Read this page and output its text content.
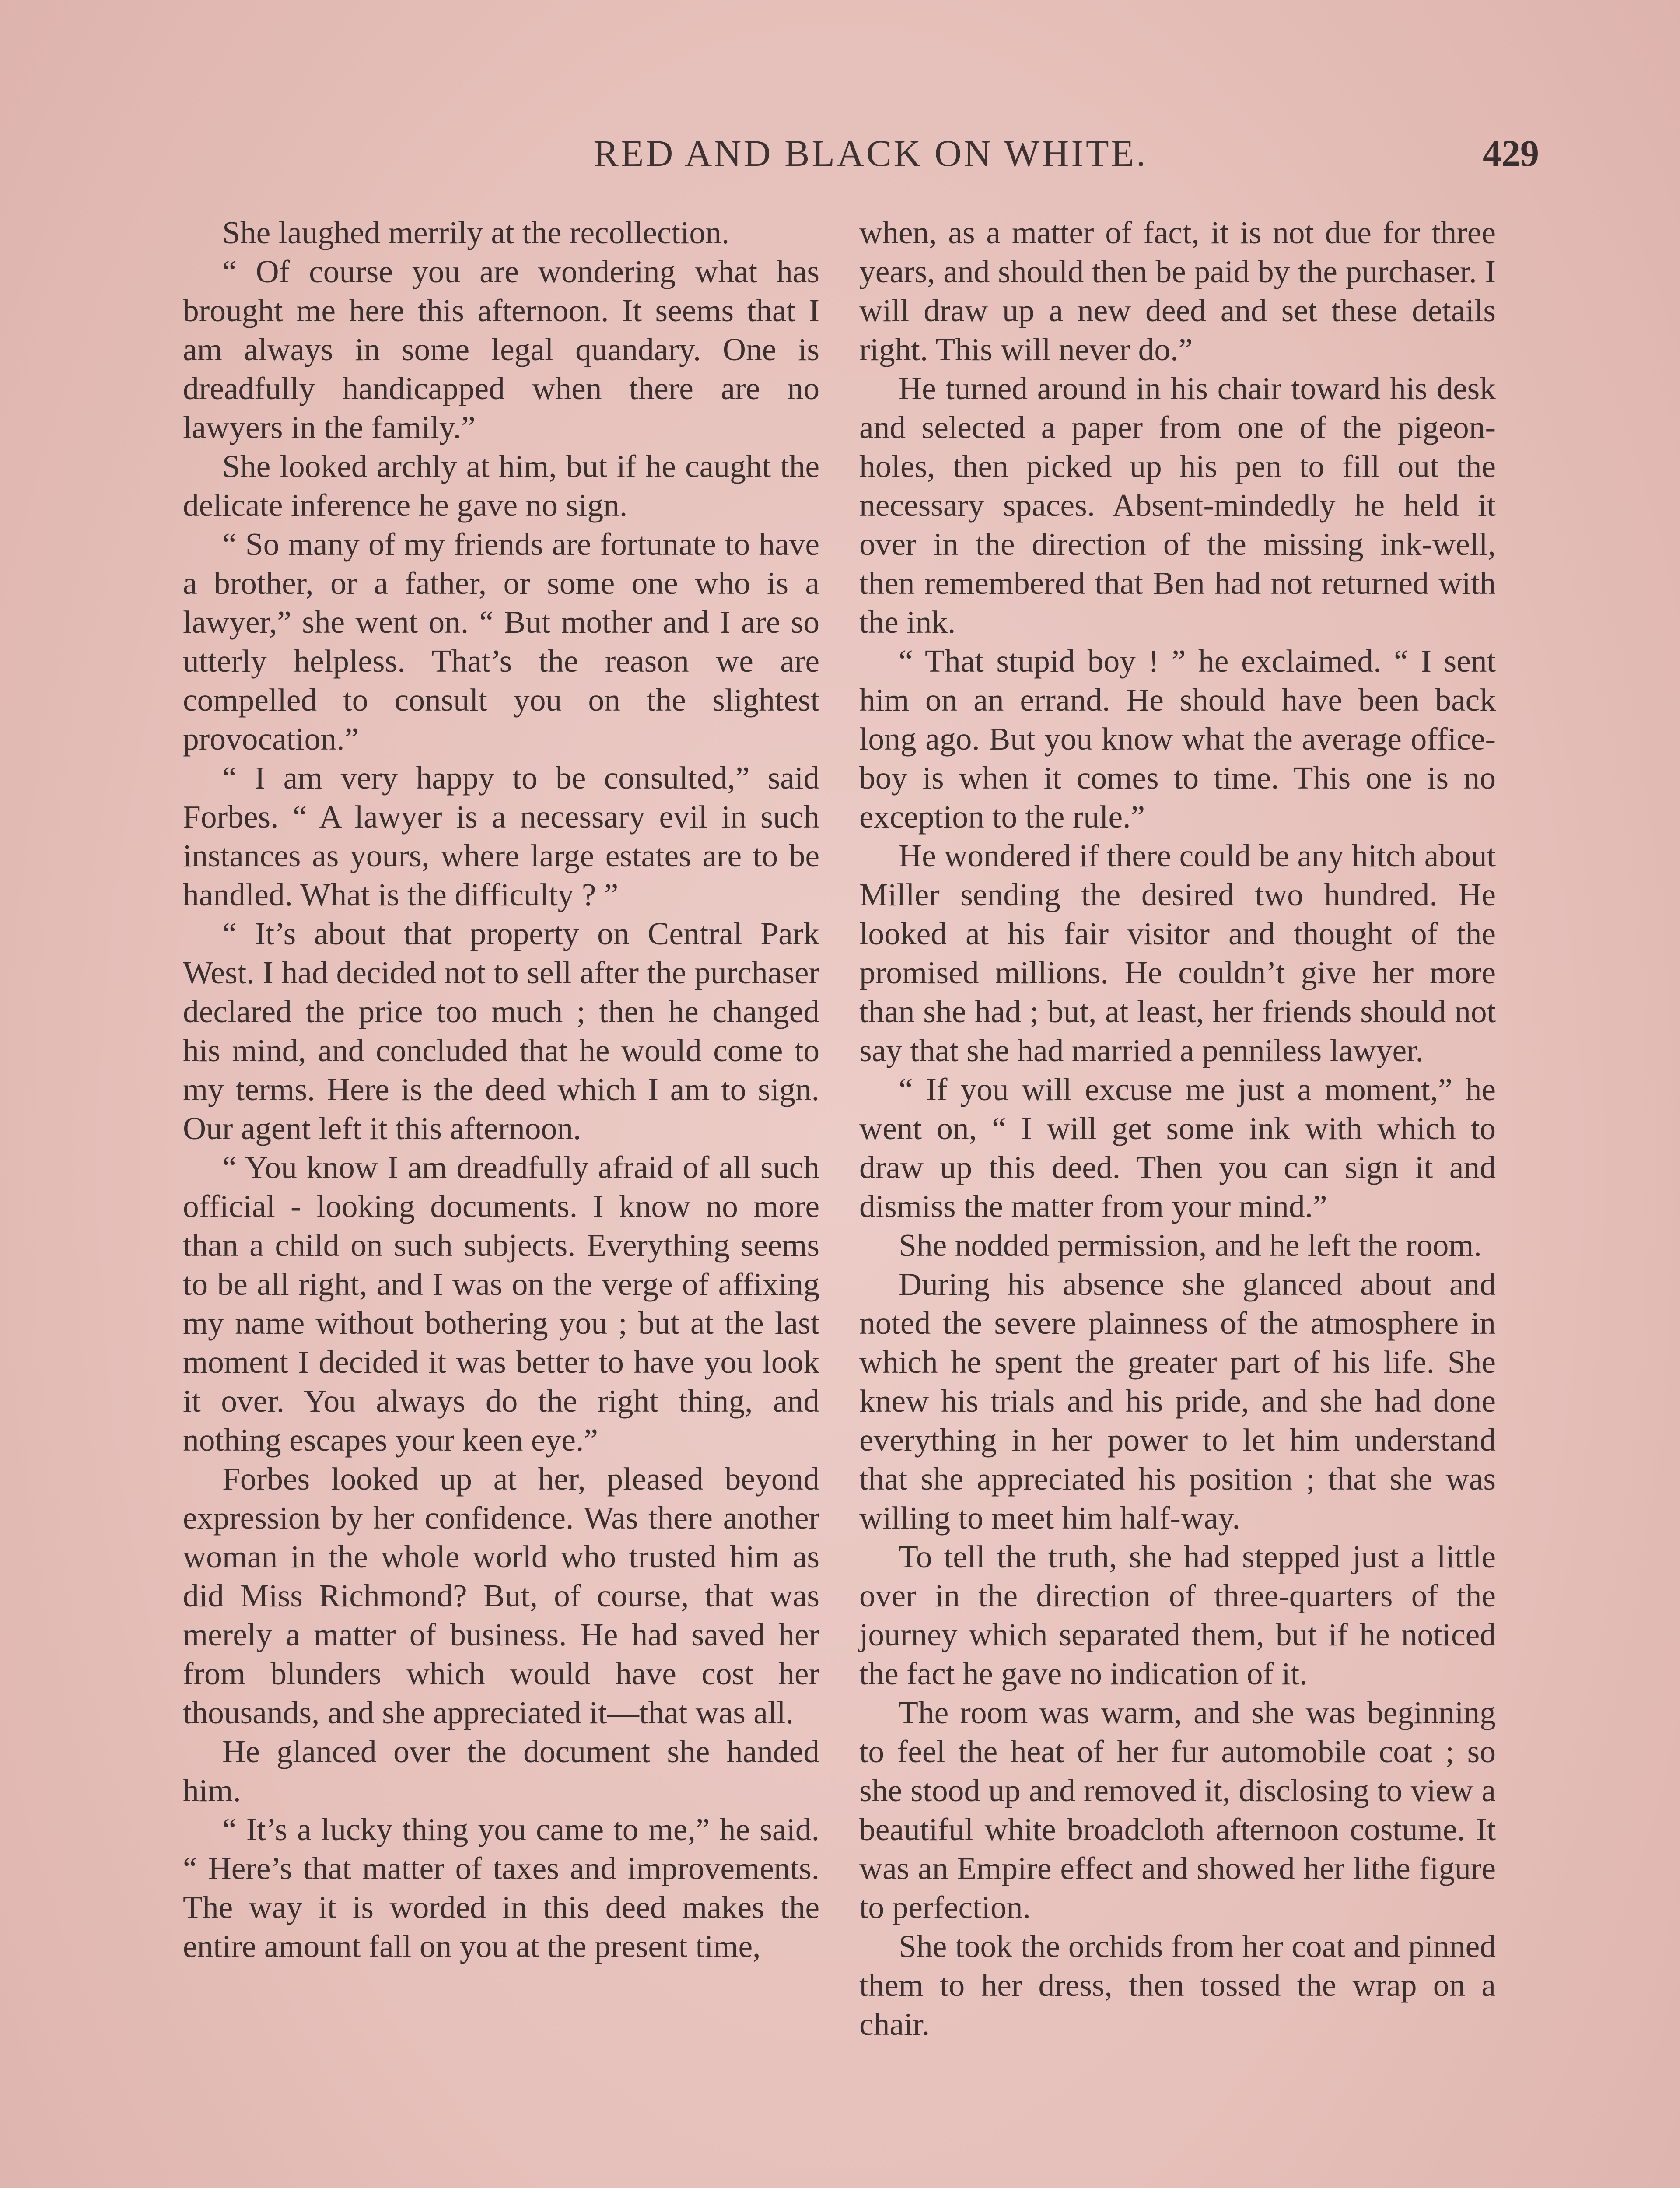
RED AND BLACK ON WHITE.	429

She laughed merrily at the recollection.

“ Of course you are wondering what has brought me here this afternoon. It seems that I am always in some legal quandary. One is dreadfully handicapped when there are no lawyers in the family.”

She looked archly at him, but if he caught the delicate inference he gave no sign.

“ So many of my friends are fortunate to have a brother, or a father, or some one who is a lawyer,” she went on. “ But mother and I are so utterly helpless. That’s the reason we are compelled to consult you on the slightest provocation.”

“ I am very happy to be consulted,” said Forbes. “ A lawyer is a necessary evil in such instances as yours, where large estates are to be handled. What is the difficulty ? ”

“ It’s about that property on Central Park West. I had decided not to sell after the purchaser declared the price too much ; then he changed his mind, and concluded that he would come to my terms. Here is the deed which I am to sign. Our agent left it this afternoon.

“ You know I am dreadfully afraid of all such official - looking documents. I know no more than a child on such subjects. Everything seems to be all right, and I was on the verge of affixing my name without bothering you ; but at the last moment I decided it was better to have you look it over. You always do the right thing, and nothing escapes your keen eye.”

Forbes looked up at her, pleased beyond expression by her confidence. Was there another woman in the whole world who trusted him as did Miss Richmond? But, of course, that was merely a matter of business. He had saved her from blunders which would have cost her thousands, and she appreciated it—that was all.

He glanced over the document she handed him.

“ It’s a lucky thing you came to me,” he said. “ Here’s that matter of taxes and improvements. The way it is worded in this deed makes the entire amount fall on you at the present time,

when, as a matter of fact, it is not due for three years, and should then be paid by the purchaser. I will draw up a new deed and set these details right. This will never do.”

He turned around in his chair toward his desk and selected a paper from one of the pigeon-holes, then picked up his pen to fill out the necessary spaces. Absent-mindedly he held it over in the direction of the missing ink-well, then remembered that Ben had not returned with the ink.

“ That stupid boy ! ” he exclaimed. “ I sent him on an errand. He should have been back long ago. But you know what the average office-boy is when it comes to time. This one is no exception to the rule.”

He wondered if there could be any hitch about Miller sending the desired two hundred. He looked at his fair visitor and thought of the promised millions. He couldn’t give her more than she had ; but, at least, her friends should not say that she had married a penniless lawyer.

“ If you will excuse me just a moment,” he went on, “ I will get some ink with which to draw up this deed. Then you can sign it and dismiss the matter from your mind.”

She nodded permission, and he left the room.

During his absence she glanced about and noted the severe plainness of the atmosphere in which he spent the greater part of his life. She knew his trials and his pride, and she had done everything in her power to let him understand that she appreciated his position ; that she was willing to meet him half-way.

To tell the truth, she had stepped just a little over in the direction of three-quarters of the journey which separated them, but if he noticed the fact he gave no indication of it.

The room was warm, and she was beginning to feel the heat of her fur automobile coat ; so she stood up and removed it, disclosing to view a beautiful white broadcloth afternoon costume. It was an Empire effect and showed her lithe figure to perfection.

She took the orchids from her coat and pinned them to her dress, then tossed the wrap on a chair.
